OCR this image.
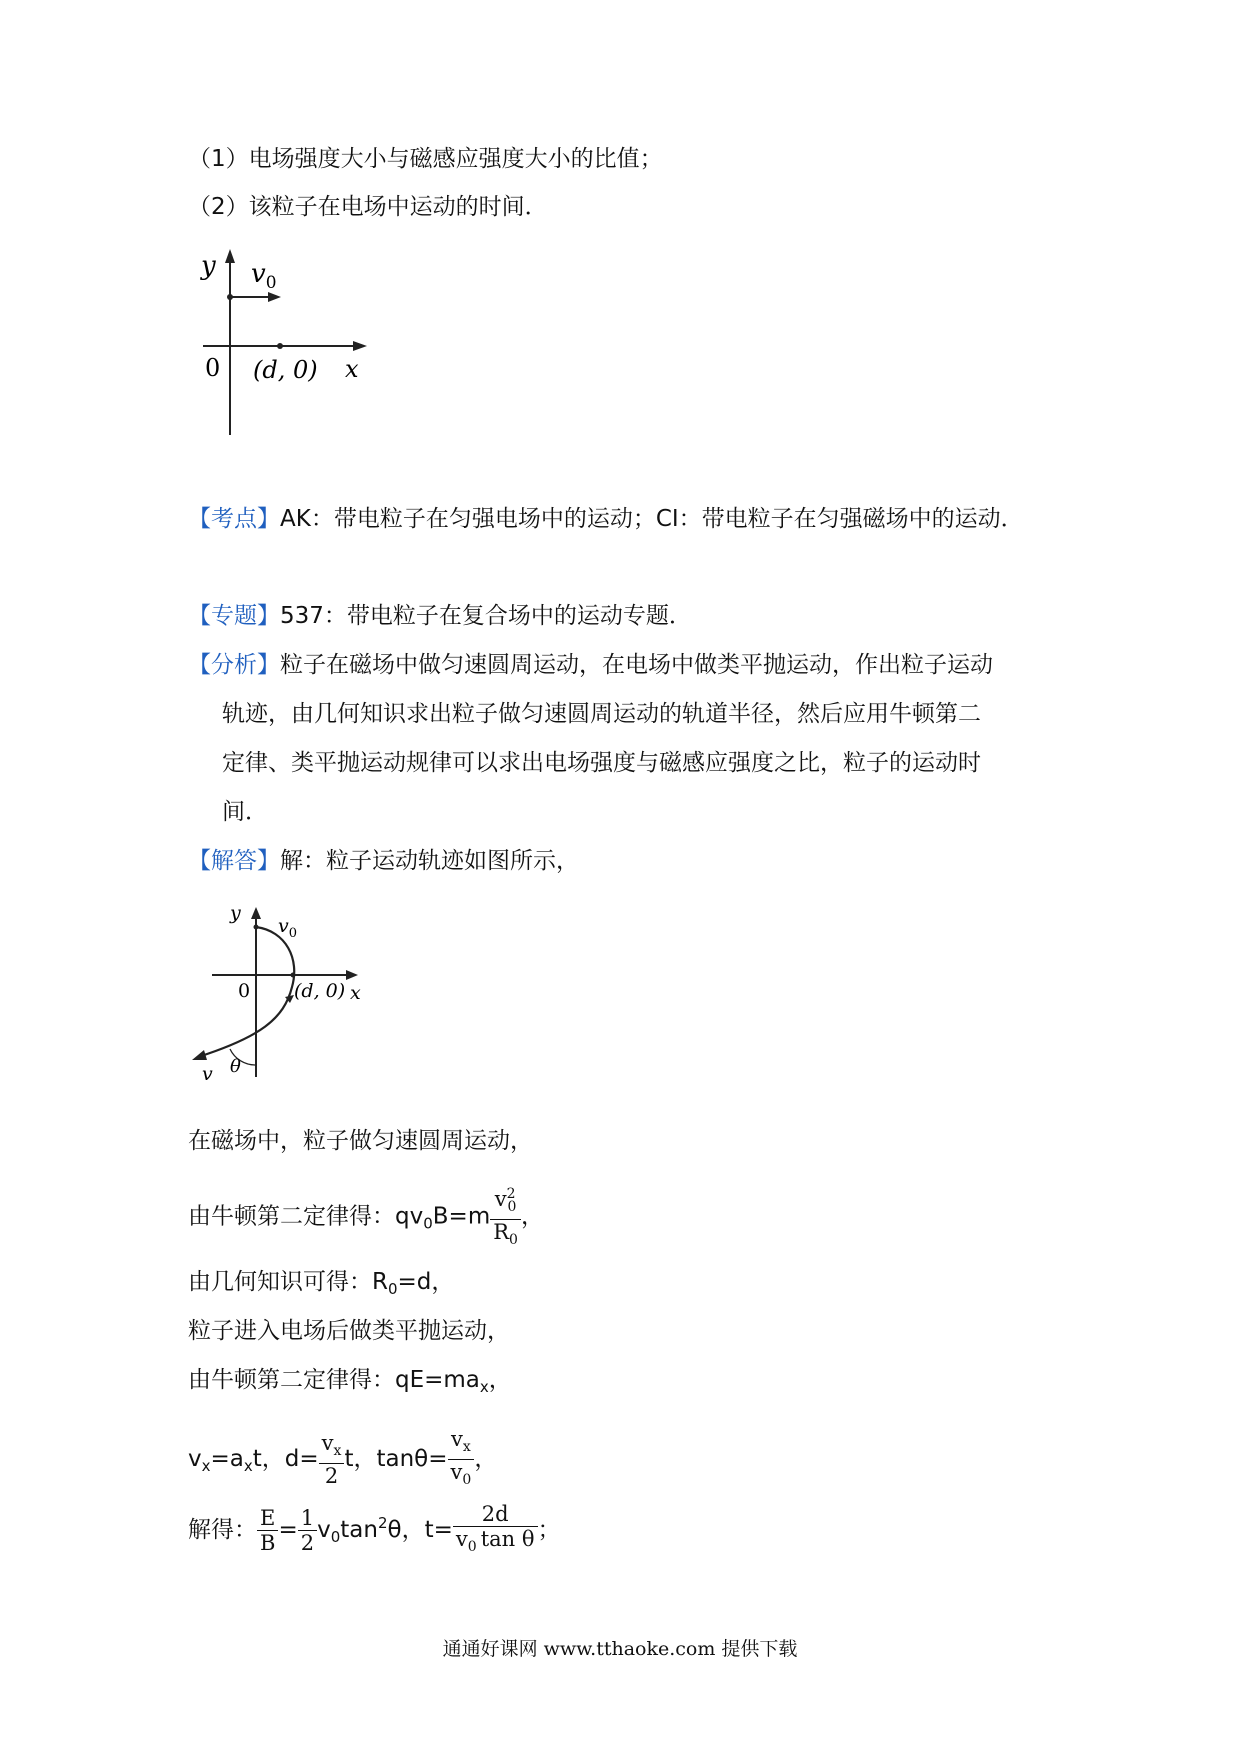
（1）电场强度大小与磁感应强度大小的比值；
（2）该粒子在电场中运动的时间．
y $v_0$
0 (d, 0) x
【考点】AK：带电粒子在匀强电场中的运动；CI：带电粒子在匀强磁场中的运动．
【专题】537：带电粒子在复合场中的运动专题．
【分析】粒子在磁场中做匀速圆周运动，在电场中做类平抛运动，作出粒子运动
轨迹，由几何知识求出粒子做匀速圆周运动的轨道半径，然后应用牛顿第二
定律、类平抛运动规律可以求出电场强度与磁感应强度之比，粒子的运动时
间．
【解答】解：粒子运动轨迹如图所示，
y
$v_0$
0 (d, 0) x
v θ
在磁场中，粒子做匀速圆周运动，
由牛顿第二定律得：$qv_0B=m \frac{v^2_0}{R_0}$ ，
由几何知识可得：$R_0=d$，
粒子进入电场后做类平抛运动，
由牛顿第二定律得：$qE=ma_x$，
$v_x=a_xt$，$d= \frac{v_x}{2}$ t，$\tan\theta= \frac{v_x}{v_0}$ ，
解得： $\frac{E}{B} = \frac{1}{2} v_0\tan^2\theta$，$t= \frac{2d}{v_0 \tan \theta}$ ；
通通好课网 www.tthaoke.com 提供下载
